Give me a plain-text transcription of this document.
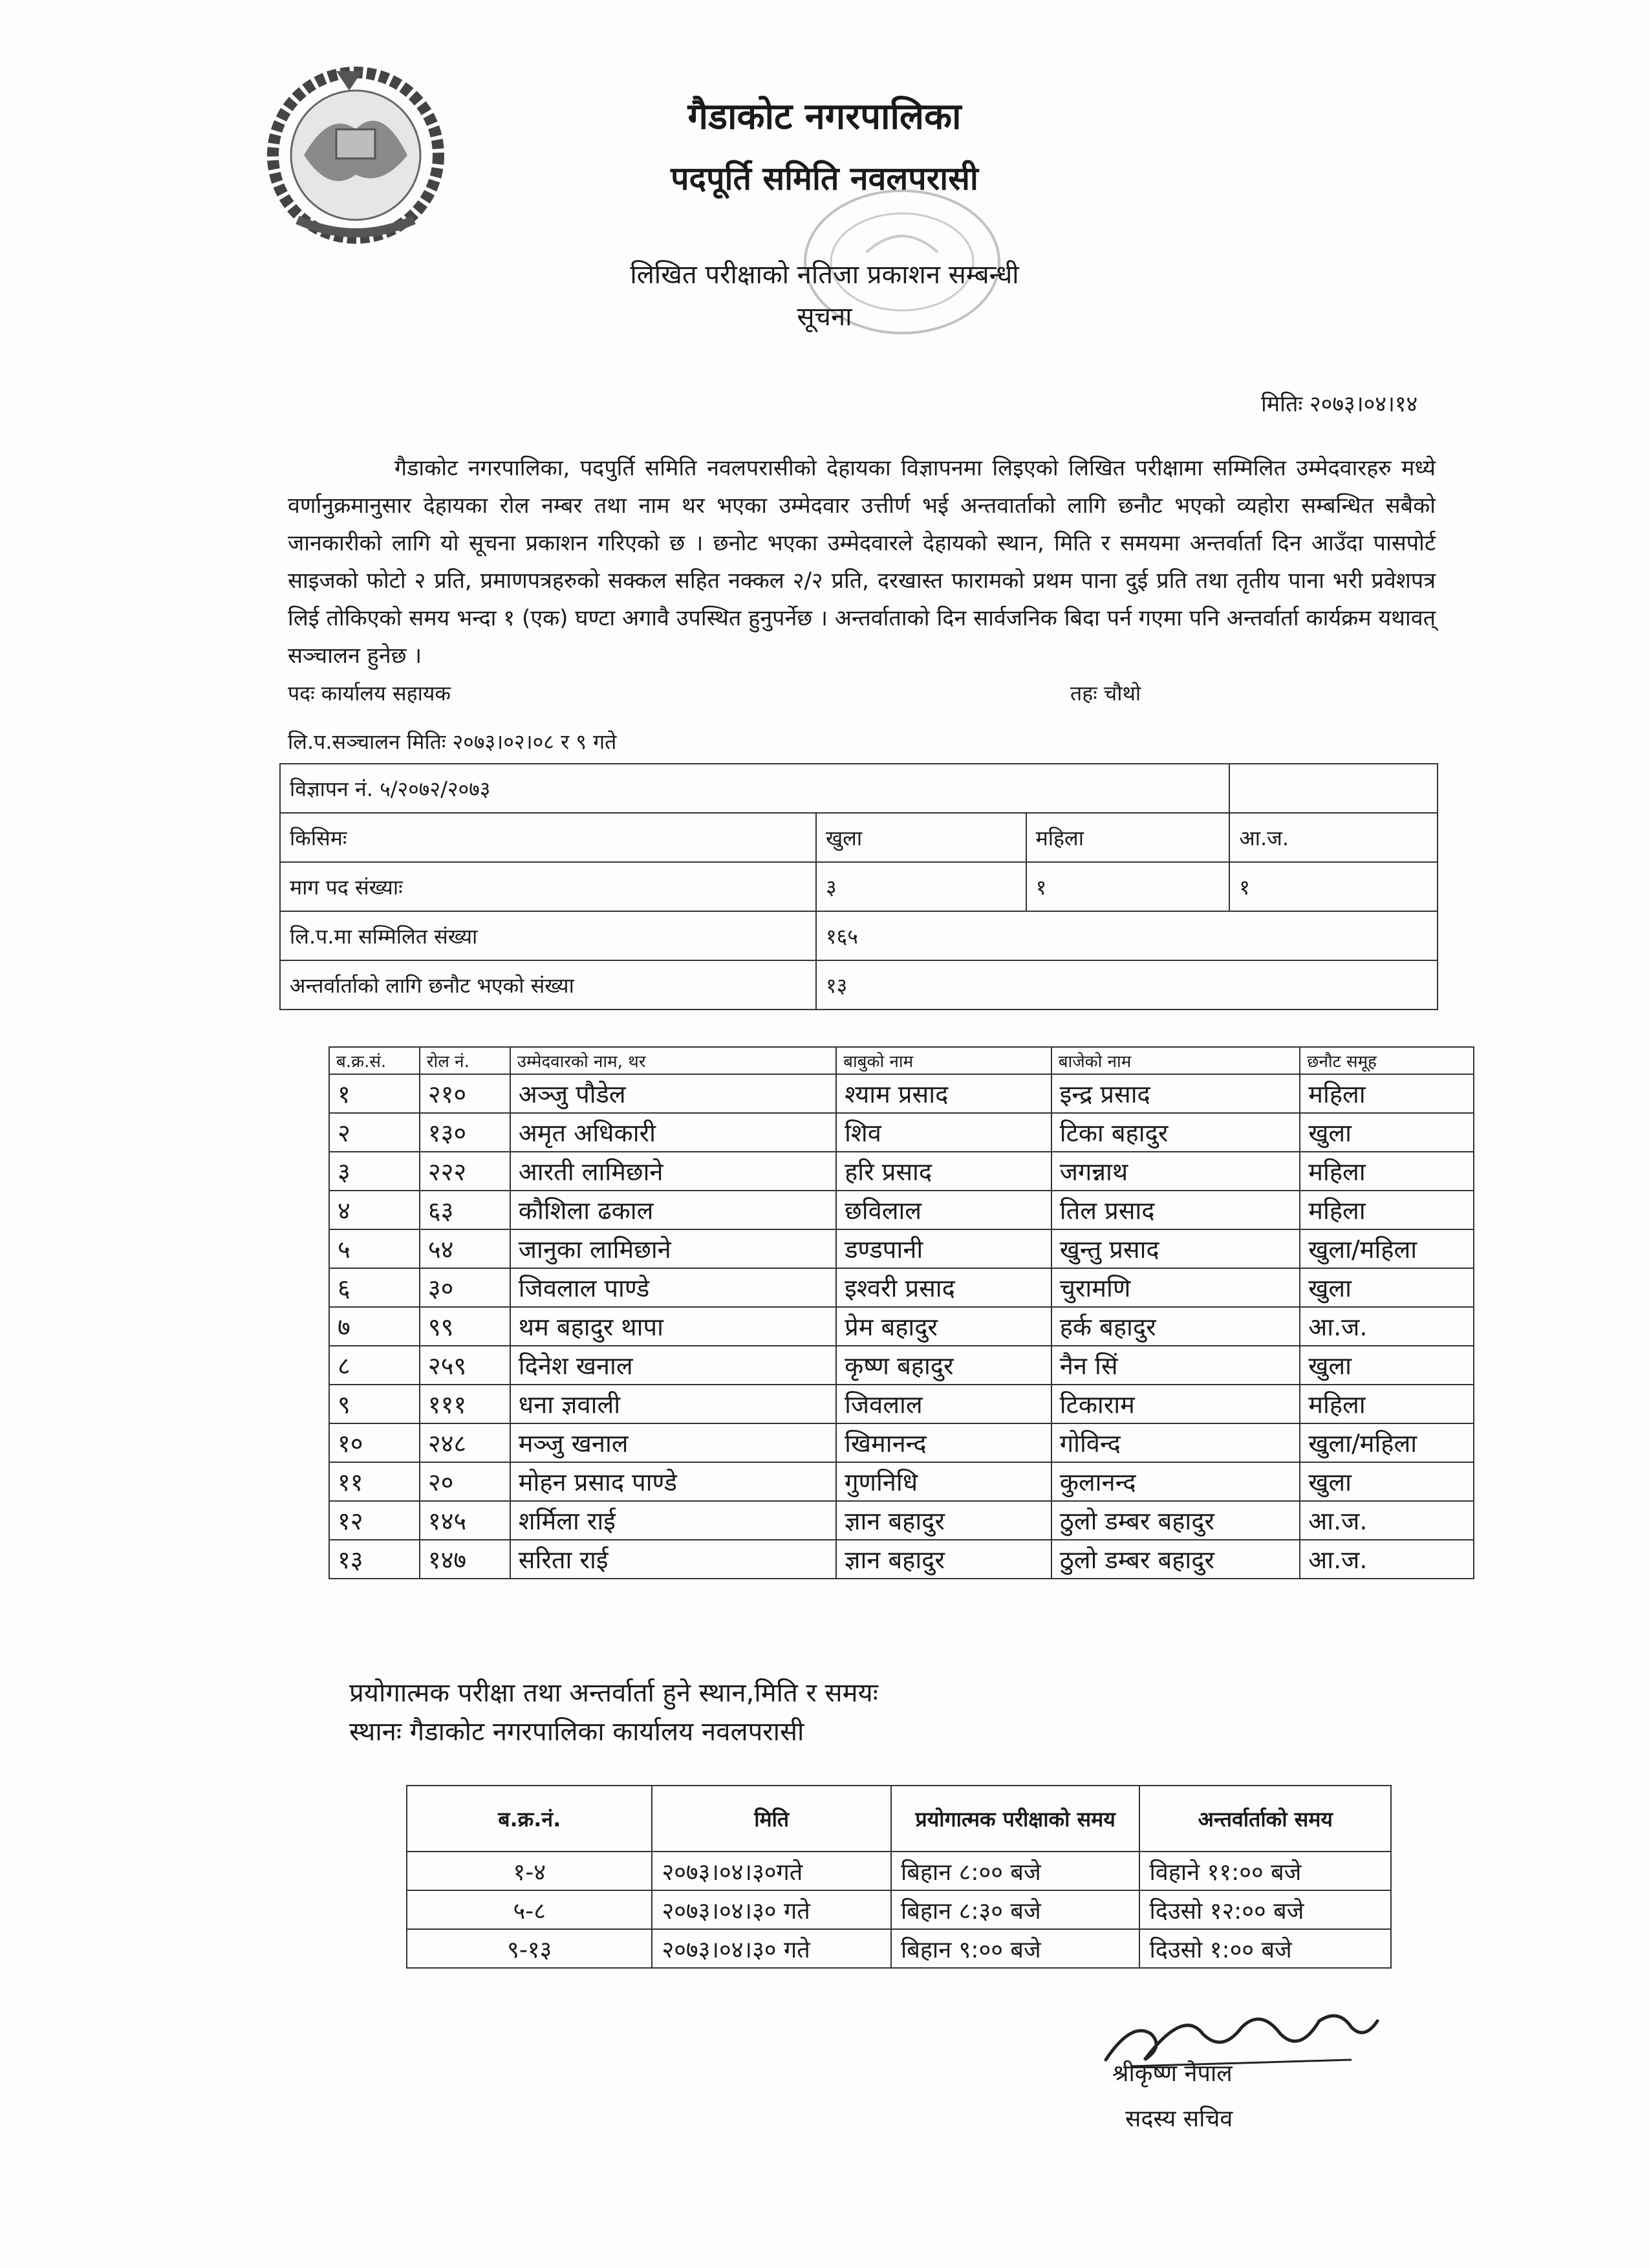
गैडाकोट नगरपालिका
पदपूर्ति समिति नवलपरासी
लिखित परीक्षाको नतिजा प्रकाशन सम्बन्धी
सूचना
मितिः २०७३।०४।१४
गैडाकोट नगरपालिका, पदपुर्ति समिति नवलपरासीको देहायका विज्ञापनमा लिइएको लिखित परीक्षामा सम्मिलित उम्मेदवारहरु मध्ये वर्णानुक्रमानुसार देहायका रोल नम्बर तथा नाम थर भएका उम्मेदवार उत्तीर्ण भई अन्तवार्ताको लागि छनौट भएको व्यहोरा सम्बन्धित सबैको जानकारीको लागि यो सूचना प्रकाशन गरिएको छ । छनोट भएका उम्मेदवारले देहायको स्थान, मिति र समयमा अन्तर्वार्ता दिन आउँदा पासपोर्ट साइजको फोटो २ प्रति, प्रमाणपत्रहरुको सक्कल सहित नक्कल २/२ प्रति, दरखास्त फारामको प्रथम पाना दुई प्रति तथा तृतीय पाना भरी प्रवेशपत्र लिई तोकिएको समय भन्दा १ (एक) घण्टा अगावै उपस्थित हुनुपर्नेछ । अन्तर्वाताको दिन सार्वजनिक बिदा पर्न गएमा पनि अन्तर्वार्ता कार्यक्रम यथावत् सञ्चालन हुनेछ ।
पदः कार्यालय सहायक	तहः चौथो
लि.प.सञ्चालन मितिः २०७३।०२।०८ र ९ गते
विज्ञापन नं. ५/२०७२/२०७३			
किसिमः	खुला	महिला	आ.ज.
माग पद संख्याः	३	१	१
लि.प.मा सम्मिलित संख्या	१६५		
अन्तर्वार्ताको लागि छनौट भएको संख्या	१३		
ब.क्र.सं.	रोल नं.	उम्मेदवारको नाम, थर	बाबुको नाम	बाजेको नाम	छनौट समूह
१	२१०	अञ्जु पौडेल	श्याम प्रसाद	इन्द्र प्रसाद	महिला
२	१३०	अमृत अधिकारी	शिव	टिका बहादुर	खुला
३	२२२	आरती लामिछाने	हरि प्रसाद	जगन्नाथ	महिला
४	६३	कौशिला ढकाल	छविलाल	तिल प्रसाद	महिला
५	५४	जानुका लामिछाने	डण्डपानी	खुन्तु प्रसाद	खुला/महिला
६	३०	जिवलाल पाण्डे	इश्वरी प्रसाद	चुरामणि	खुला
७	९९	थम बहादुर थापा	प्रेम बहादुर	हर्क बहादुर	आ.ज.
८	२५९	दिनेश खनाल	कृष्ण बहादुर	नैन सिं	खुला
९	१११	धना ज्ञवाली	जिवलाल	टिकाराम	महिला
१०	२४८	मञ्जु खनाल	खिमानन्द	गोविन्द	खुला/महिला
११	२०	मोहन प्रसाद पाण्डे	गुणनिधि	कुलानन्द	खुला
१२	१४५	शर्मिला राई	ज्ञान बहादुर	ठुलो डम्बर बहादुर	आ.ज.
१३	१४७	सरिता राई	ज्ञान बहादुर	ठुलो डम्बर बहादुर	आ.ज.
प्रयोगात्मक परीक्षा तथा अन्तर्वार्ता हुने स्थान,मिति र समयः
स्थानः गैडाकोट नगरपालिका कार्यालय नवलपरासी
ब.क्र.नं.	मिति	प्रयोगात्मक परीक्षाको समय	अन्तर्वार्ताको समय
१-४	२०७३।०४।३०गते	बिहान ८:०० बजे	विहाने ११:०० बजे
५-८	२०७३।०४।३० गते	बिहान ८:३० बजे	दिउसो १२:०० बजे
९-१३	२०७३।०४।३० गते	बिहान ९:०० बजे	दिउसो १:०० बजे
श्रीकृष्ण नेपाल
सदस्य सचिव
